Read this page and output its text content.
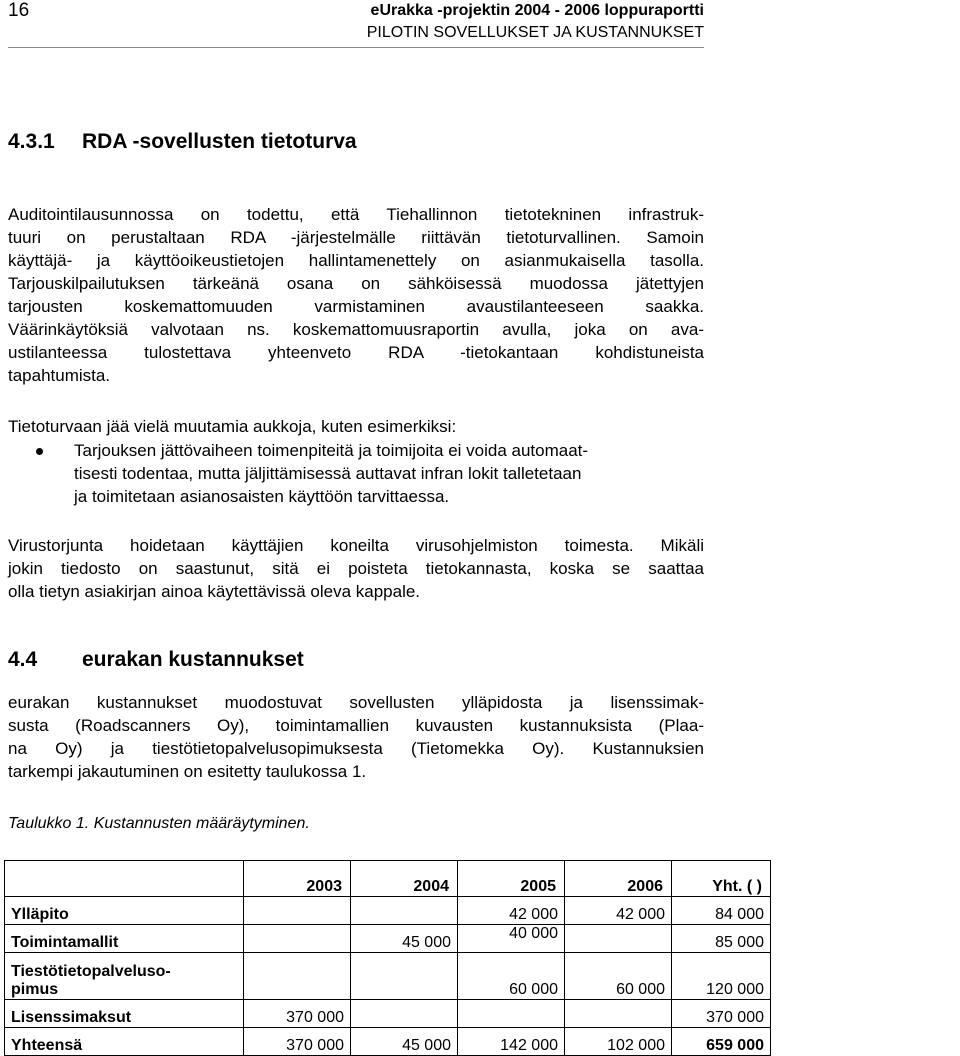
16	eUrakka -projektin 2004 - 2006 loppuraportti
PILOTIN SOVELLUKSET JA KUSTANNUKSET
4.3.1 RDA -sovellusten tietoturva
Auditointilausunnossa on todettu, että Tiehallinnon tietotekninen infrastruk-
tuuri on perustaltaan RDA -järjestelmälle riittävän tietoturvallinen. Samoin
käyttäjä- ja käyttöoikeustietojen hallintamenettely on asianmukaisella tasolla.
Tarjouskilpailutuksen tärkeänä osana on sähköisessä muodossa jätettyjen
tarjousten koskemattomuuden varmistaminen avaustilanteeseen saakka.
Väärinkäytöksiä valvotaan ns. koskemattomuusraportin avulla, joka on ava-
ustilanteessa tulostettava yhteenveto RDA -tietokantaan kohdistuneista
tapahtumista.
Tietoturvaan jää vielä muutamia aukkoja, kuten esimerkiksi:
Tarjouksen jättövaiheen toimenpiteitä ja toimijoita ei voida automaat-
tisesti todentaa, mutta jäljittämisessä auttavat infran lokit talletetaan
ja toimitetaan asianosaisten käyttöön tarvittaessa.
Virustorjunta hoidetaan käyttäjien koneilta virusohjelmiston toimesta. Mikäli
jokin tiedosto on saastunut, sitä ei poisteta tietokannasta, koska se saattaa
olla tietyn asiakirjan ainoa käytettävissä oleva kappale.
4.4 eurakan kustannukset
eurakan kustannukset muodostuvat sovellusten ylläpidosta ja lisenssimak-
susta (Roadscanners Oy), toimintamallien kuvausten kustannuksista (Plaa-
na Oy) ja tiestötietopalvelusopimuksesta (Tietomekka Oy). Kustannuksien
tarkempi jakautuminen on esitetty taulukossa 1.
Taulukko 1. Kustannusten määräytyminen.
	2003	2004	2005	2006	Yht. ( )
Ylläpito			42 000	42 000	84 000
Toimintamallit		45 000	40 000		85 000
Tiestötietopalveluso-
pimus			60 000	60 000	120 000
Lisenssimaksut	370 000				370 000
Yhteensä	370 000	45 000	142 000	102 000	659 000
